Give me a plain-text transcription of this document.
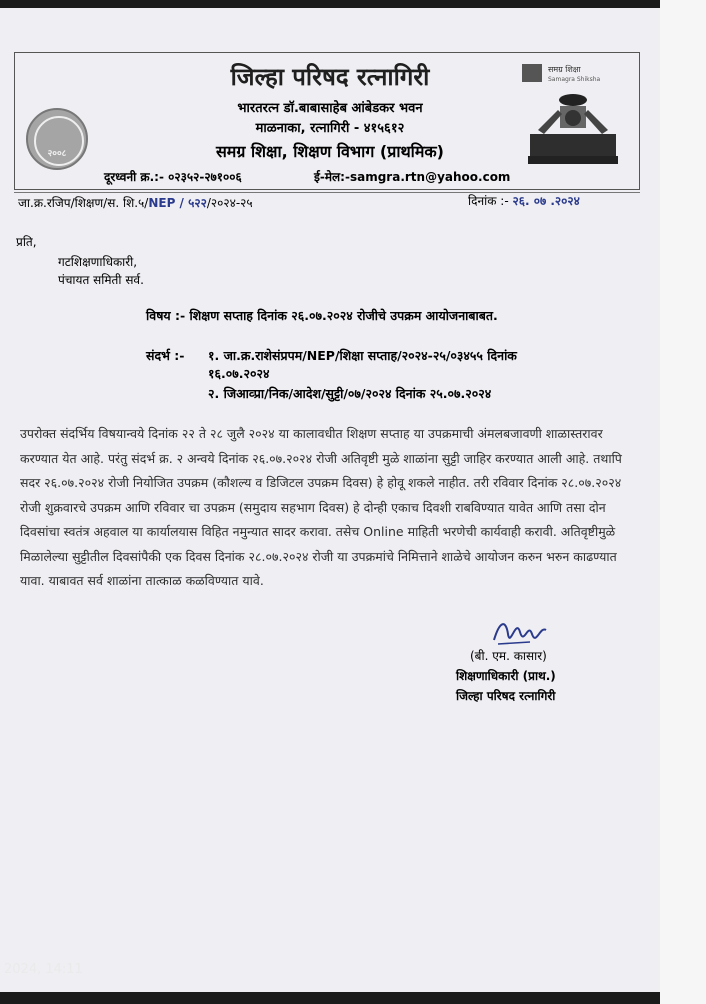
२००८
समग्र शिक्षा
Samagra Shiksha
जिल्हा परिषद रत्नागिरी
भारतरत्न डॉ.बाबासाहेब आंबेडकर भवन
माळनाका, रत्नागिरी - ४१५६१२
समग्र शिक्षा, शिक्षण विभाग (प्राथमिक)
दूरध्वनी क्र.:- ०२३५२-२७१००६	ई-मेल:-samgra.rtn@yahoo.com
जा.क्र.रजिप/शिक्षण/स. शि.५/NEP / ५२२/२०२४-२५	दिनांक :- २६. ०७ .२०२४
प्रति,
गटशिक्षणाधिकारी,
पंचायत समिती सर्व.
विषय :- शिक्षण सप्ताह दिनांक २६.०७.२०२४ रोजीचे उपक्रम आयोजनाबाबत.
संदर्भ :- १. जा.क्र.राशेसंप्रपम/NEP/शिक्षा सप्ताह/२०२४-२५/०३४५५ दिनांक
१६.०७.२०२४
२. जिआव्प्रा/निक/आदेश/सुट्टी/०७/२०२४ दिनांक २५.०७.२०२४
उपरोक्त संदर्भिय विषयान्वये दिनांक २२ ते २८ जुलै २०२४ या कालावधीत शिक्षण सप्ताह या उपक्रमाची अंमलबजावणी शाळास्तरावर करण्यात येत आहे. परंतु संदर्भ क्र. २ अन्वये दिनांक २६.०७.२०२४ रोजी अतिवृष्टी मुळे शाळांना सुट्टी जाहिर करण्यात आली आहे. तथापि सदर २६.०७.२०२४ रोजी नियोजित उपक्रम (कौशल्य व डिजिटल उपक्रम दिवस) हे होवू शकले नाहीत. तरी रविवार दिनांक २८.०७.२०२४ रोजी शुक्रवारचे उपक्रम आणि रविवार चा उपक्रम (समुदाय सहभाग दिवस) हे दोन्ही एकाच दिवशी राबविण्यात यावेत आणि तसा दोन दिवसांचा स्वतंत्र अहवाल या कार्यालयास विहित नमुन्यात सादर करावा. तसेच Online माहिती भरणेची कार्यवाही करावी. अतिवृष्टीमुळे मिळालेल्या सुट्टीतील दिवसांपैकी एक दिवस दिनांक २८.०७.२०२४ रोजी या उपक्रमांचे निमित्ताने शाळेचे आयोजन करुन भरुन काढण्यात यावा. याबावत सर्व शाळांना तात्काळ कळविण्यात यावे.
(बी. एम. कासार)
शिक्षणाधिकारी (प्राथ.)
जिल्हा परिषद रत्नागिरी
2024, 14:11
